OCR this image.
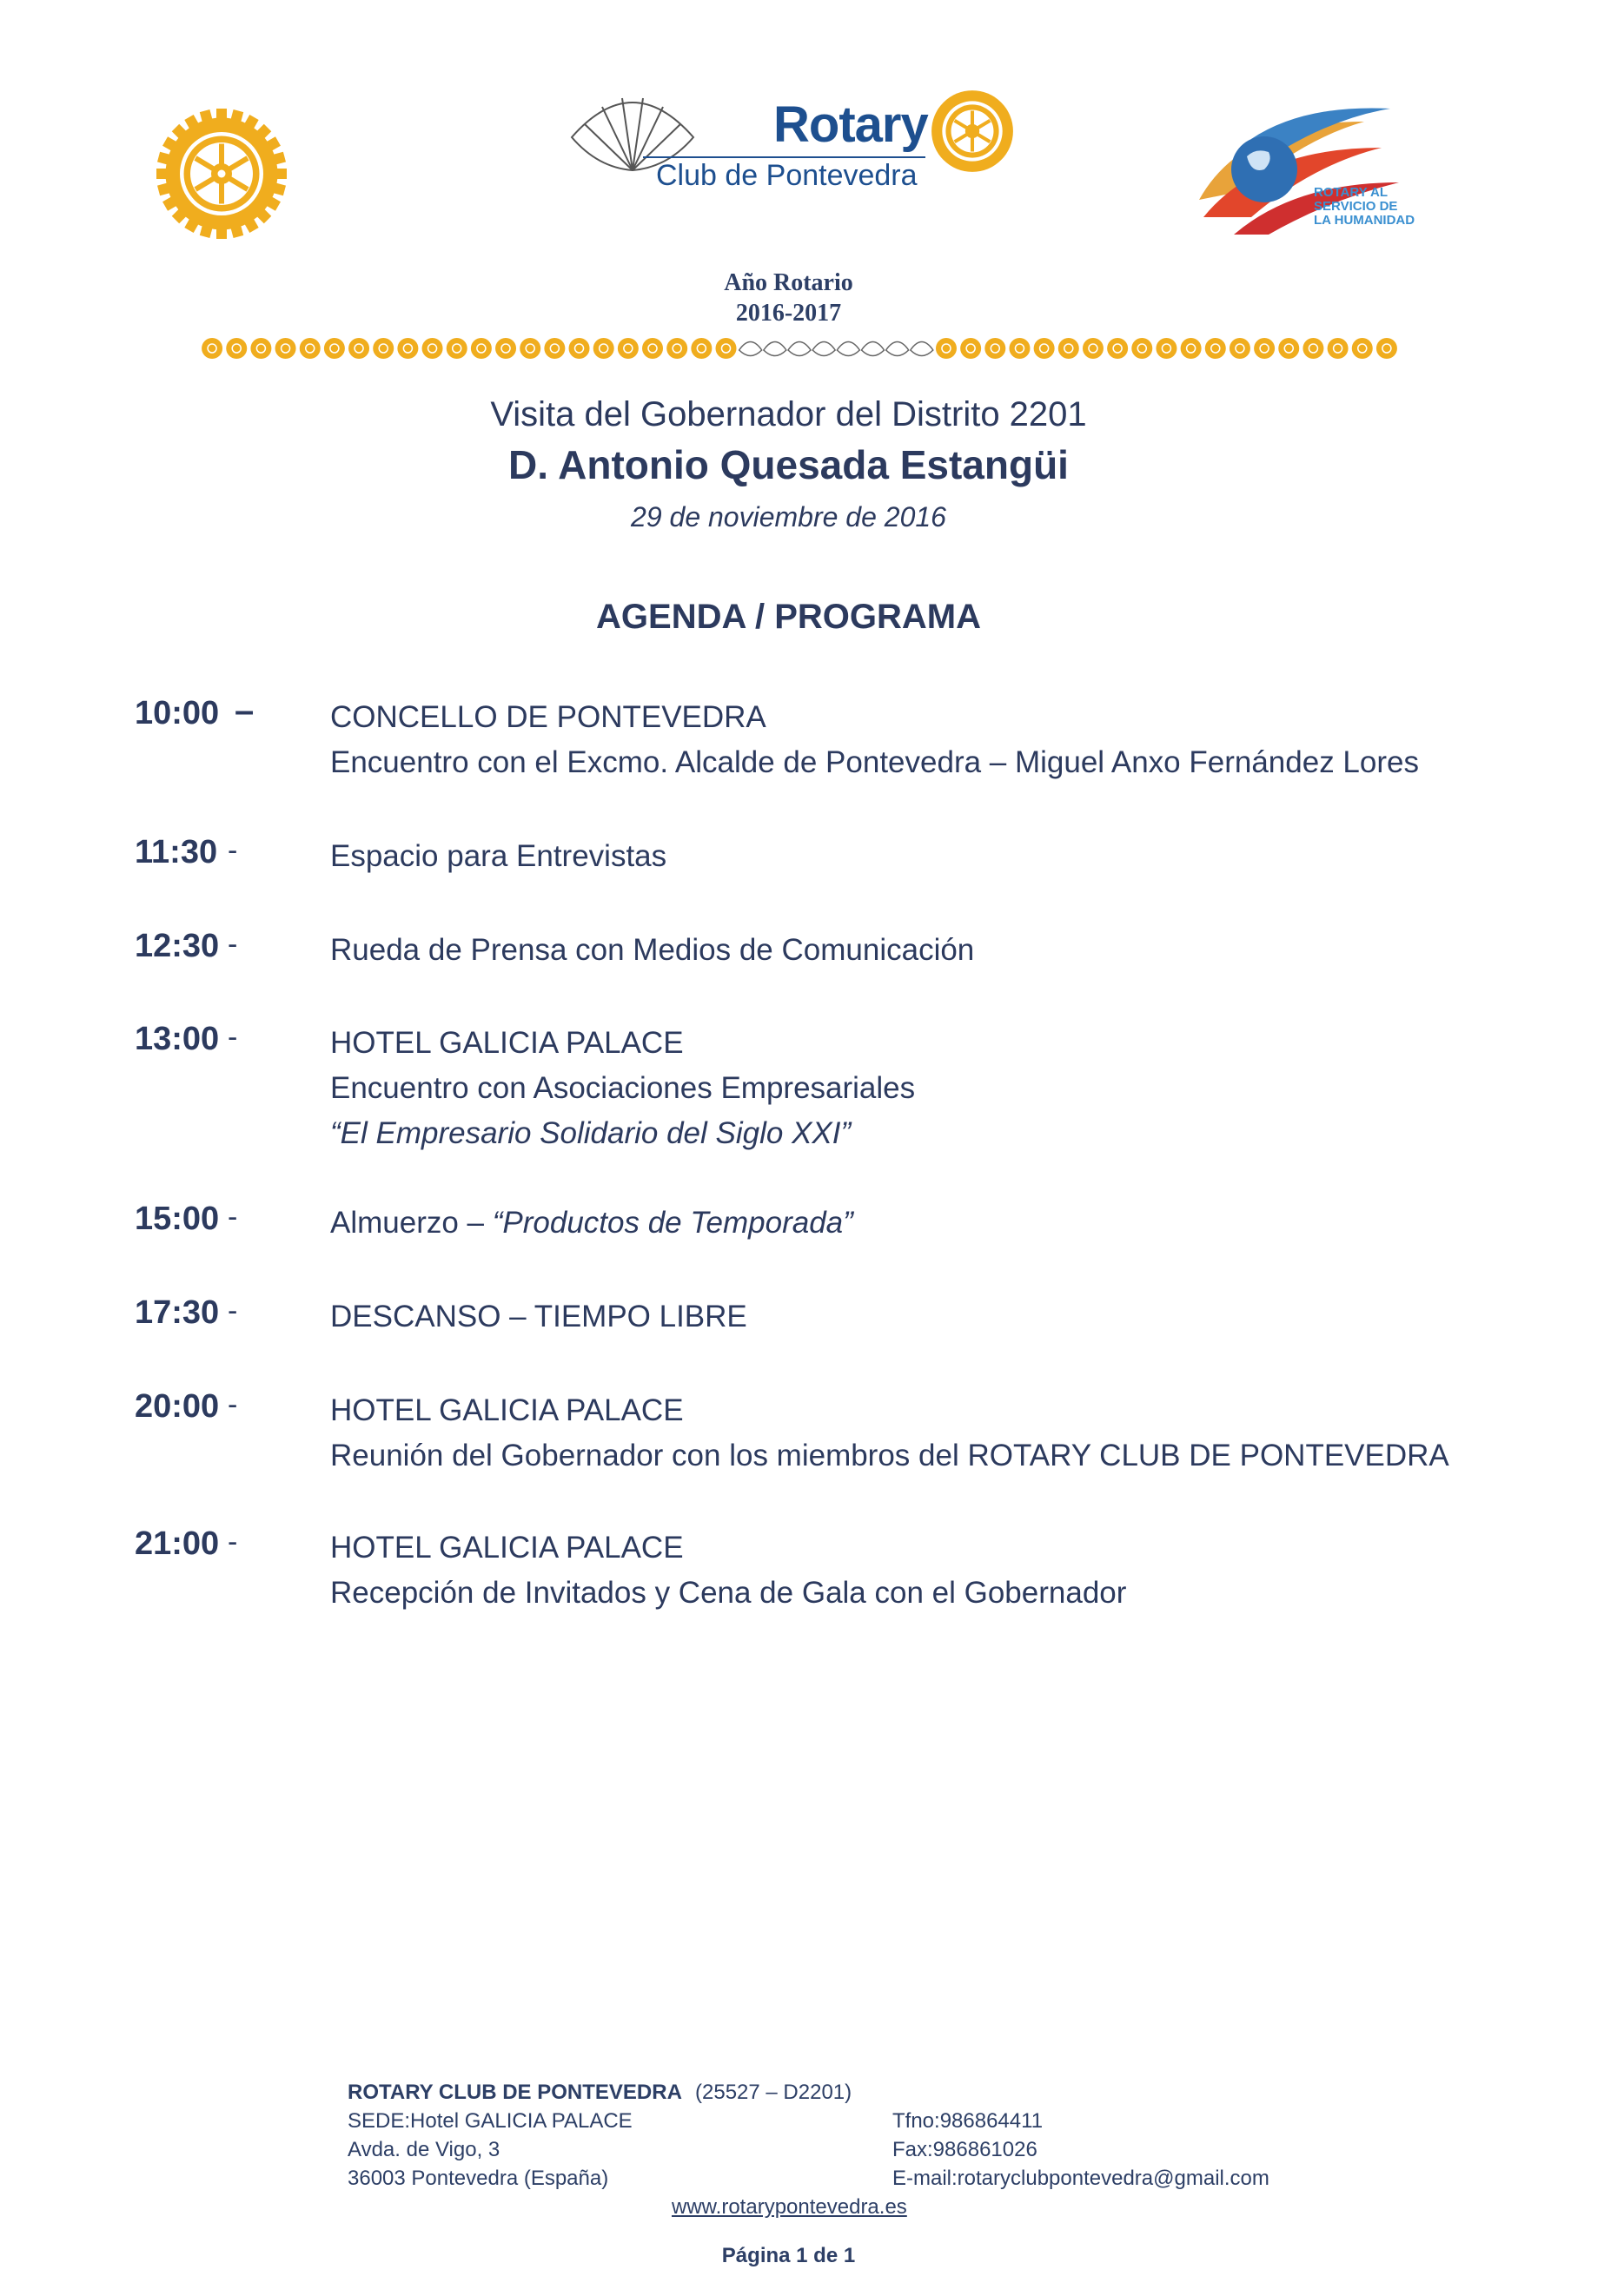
Rotary
Club de Pontevedra
ROTARY AL
SERVICIO DE
LA HUMANIDAD
Año Rotario
2016-2017
Visita del Gobernador del Distrito 2201
D. Antonio Quesada Estangüi
29 de noviembre de 2016
AGENDA / PROGRAMA
10:00 –	CONCELLO DE PONTEVEDRA
Encuentro con el Excmo. Alcalde de Pontevedra – Miguel Anxo Fernández Lores
11:30 -	Espacio para Entrevistas
12:30 -	Rueda de Prensa con Medios de Comunicación
13:00 -	HOTEL GALICIA PALACE
Encuentro con Asociaciones Empresariales
“El Empresario Solidario del Siglo XXI”
15:00 -	Almuerzo – “Productos de Temporada”
17:30 -	DESCANSO – TIEMPO LIBRE
20:00 -	HOTEL GALICIA PALACE
Reunión del Gobernador con los miembros del ROTARY CLUB DE PONTEVEDRA
21:00 -	HOTEL GALICIA PALACE
Recepción de Invitados y Cena de Gala con el Gobernador
ROTARY CLUB DE PONTEVEDRA (25527 – D2201)
SEDE:Hotel GALICIA PALACE
Avda. de Vigo, 3
36003 Pontevedra (España)
Tfno:986864411
Fax:986861026
E-mail:rotaryclubpontevedra@gmail.com
www.rotarypontevedra.es
Página 1 de 1
